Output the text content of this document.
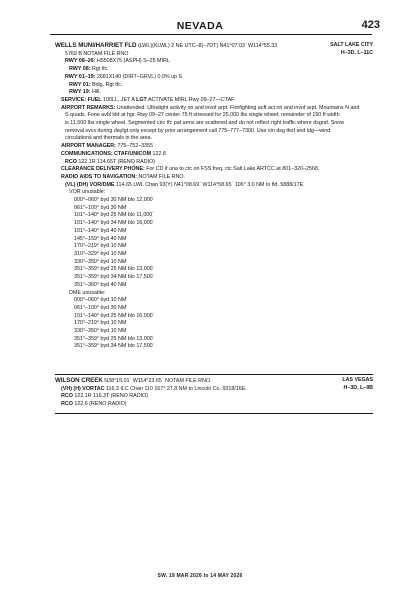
NEVADA	423
SALT LAKE CITY
H–3D, L–11C
WELLS MUNI/HARRIET FLD (LWL)(KLWL) 2 NE UTC–8(–7DT) N41°07.03´ W114°55.33´
5769 B NOTAM FILE RNO
RWY 08–26: H5508X75 (ASPH) S–25 MIRL
RWY 08: Rgt tfc.
RWY 01–19: 2681X140 (DIRT–GRVL) 0.9% up S
RWY 01: Bldg. Rgt tfc.
RWY 19: Hill.
SERVICE: FUEL 100LL, JET A LGT ACTIVATE MIRL Rwy 09–27—CTAF.
AIRPORT REMARKS: Unattended. Ultralight activity on and invof arpt. Firefighting acft act on and invof arpt. Mountains N and
S quads. Fone avbl ldd at hgr. Rwy 09–27 center 75 ft stressed for 25,000 lbs single wheel; remainder of 150 ft width
is 11,500 lbs single wheel. Segmented circ tfc pat arms are scattered and do not reflect right traffic where dsgnd. Snow
removal svcs during daylgt only except by prior arrangement call 775–777–7300. Use ctn dsg tkof and ldg—wind
circulations and thermals in the area.
AIRPORT MANAGER: 775–752–3355
COMMUNICATIONS: CTAF/UNICOM 122.8
RCO 122.1R 114.65T (RENO RADIO)
CLEARANCE DELIVERY PHONE: For CD if una to ctc on FSS freq, ctc Salt Lake ARTCC at 801–320–2568.
RADIO AIDS TO NAVIGATION: NOTAM FILE RNO.
(VL) (DH) VOR/DME 114.65 LWL Chan 93(Y) N41°08.69´ W114°58.65´ 106° 3.0 NM to fld. 5888/17E.
VOR unusable:
000°–060° byd 30 NM blo 12,000´
061°–100° byd 30 NM
101°–140° byd 25 NM blo 11,000´
101°–140° byd 34 NM blo 16,000´
101°–140° byd 40 NM
145°–159° byd 40 NM
170°–219° byd 10 NM
310°–329° byd 10 NM
330°–350° byd 10 NM
351°–359° byd 25 NM blo 13,000´
351°–359° byd 34 NM blo 17,500´
351°–360° byd 40 NM
DME unusable:
000°–060° byd 10 NM
061°–100° byd 30 NM
101°–140° byd 25 NM blo 16,000´
170°–219° byd 10 NM
330°–350° byd 10 NM
351°–359° byd 25 NM blo 13,000´
351°–359° byd 34 NM blo 17,500´
LAS VEGAS
H–3D, L–9B
WILSON CREEK N38°15.01´ W114°23.65´ NOTAM FILE RNO.
(VH) (H) VORTAC 116.3 ILC Chan 110 167° 27.8 NM to Lincoln Co. 9318/16E.
RCO 122.1R 116.3T (RENO RADIO)
RCO 122.6 (RENO RADIO)
SW, 19 MAR 2026 to 14 MAY 2026
